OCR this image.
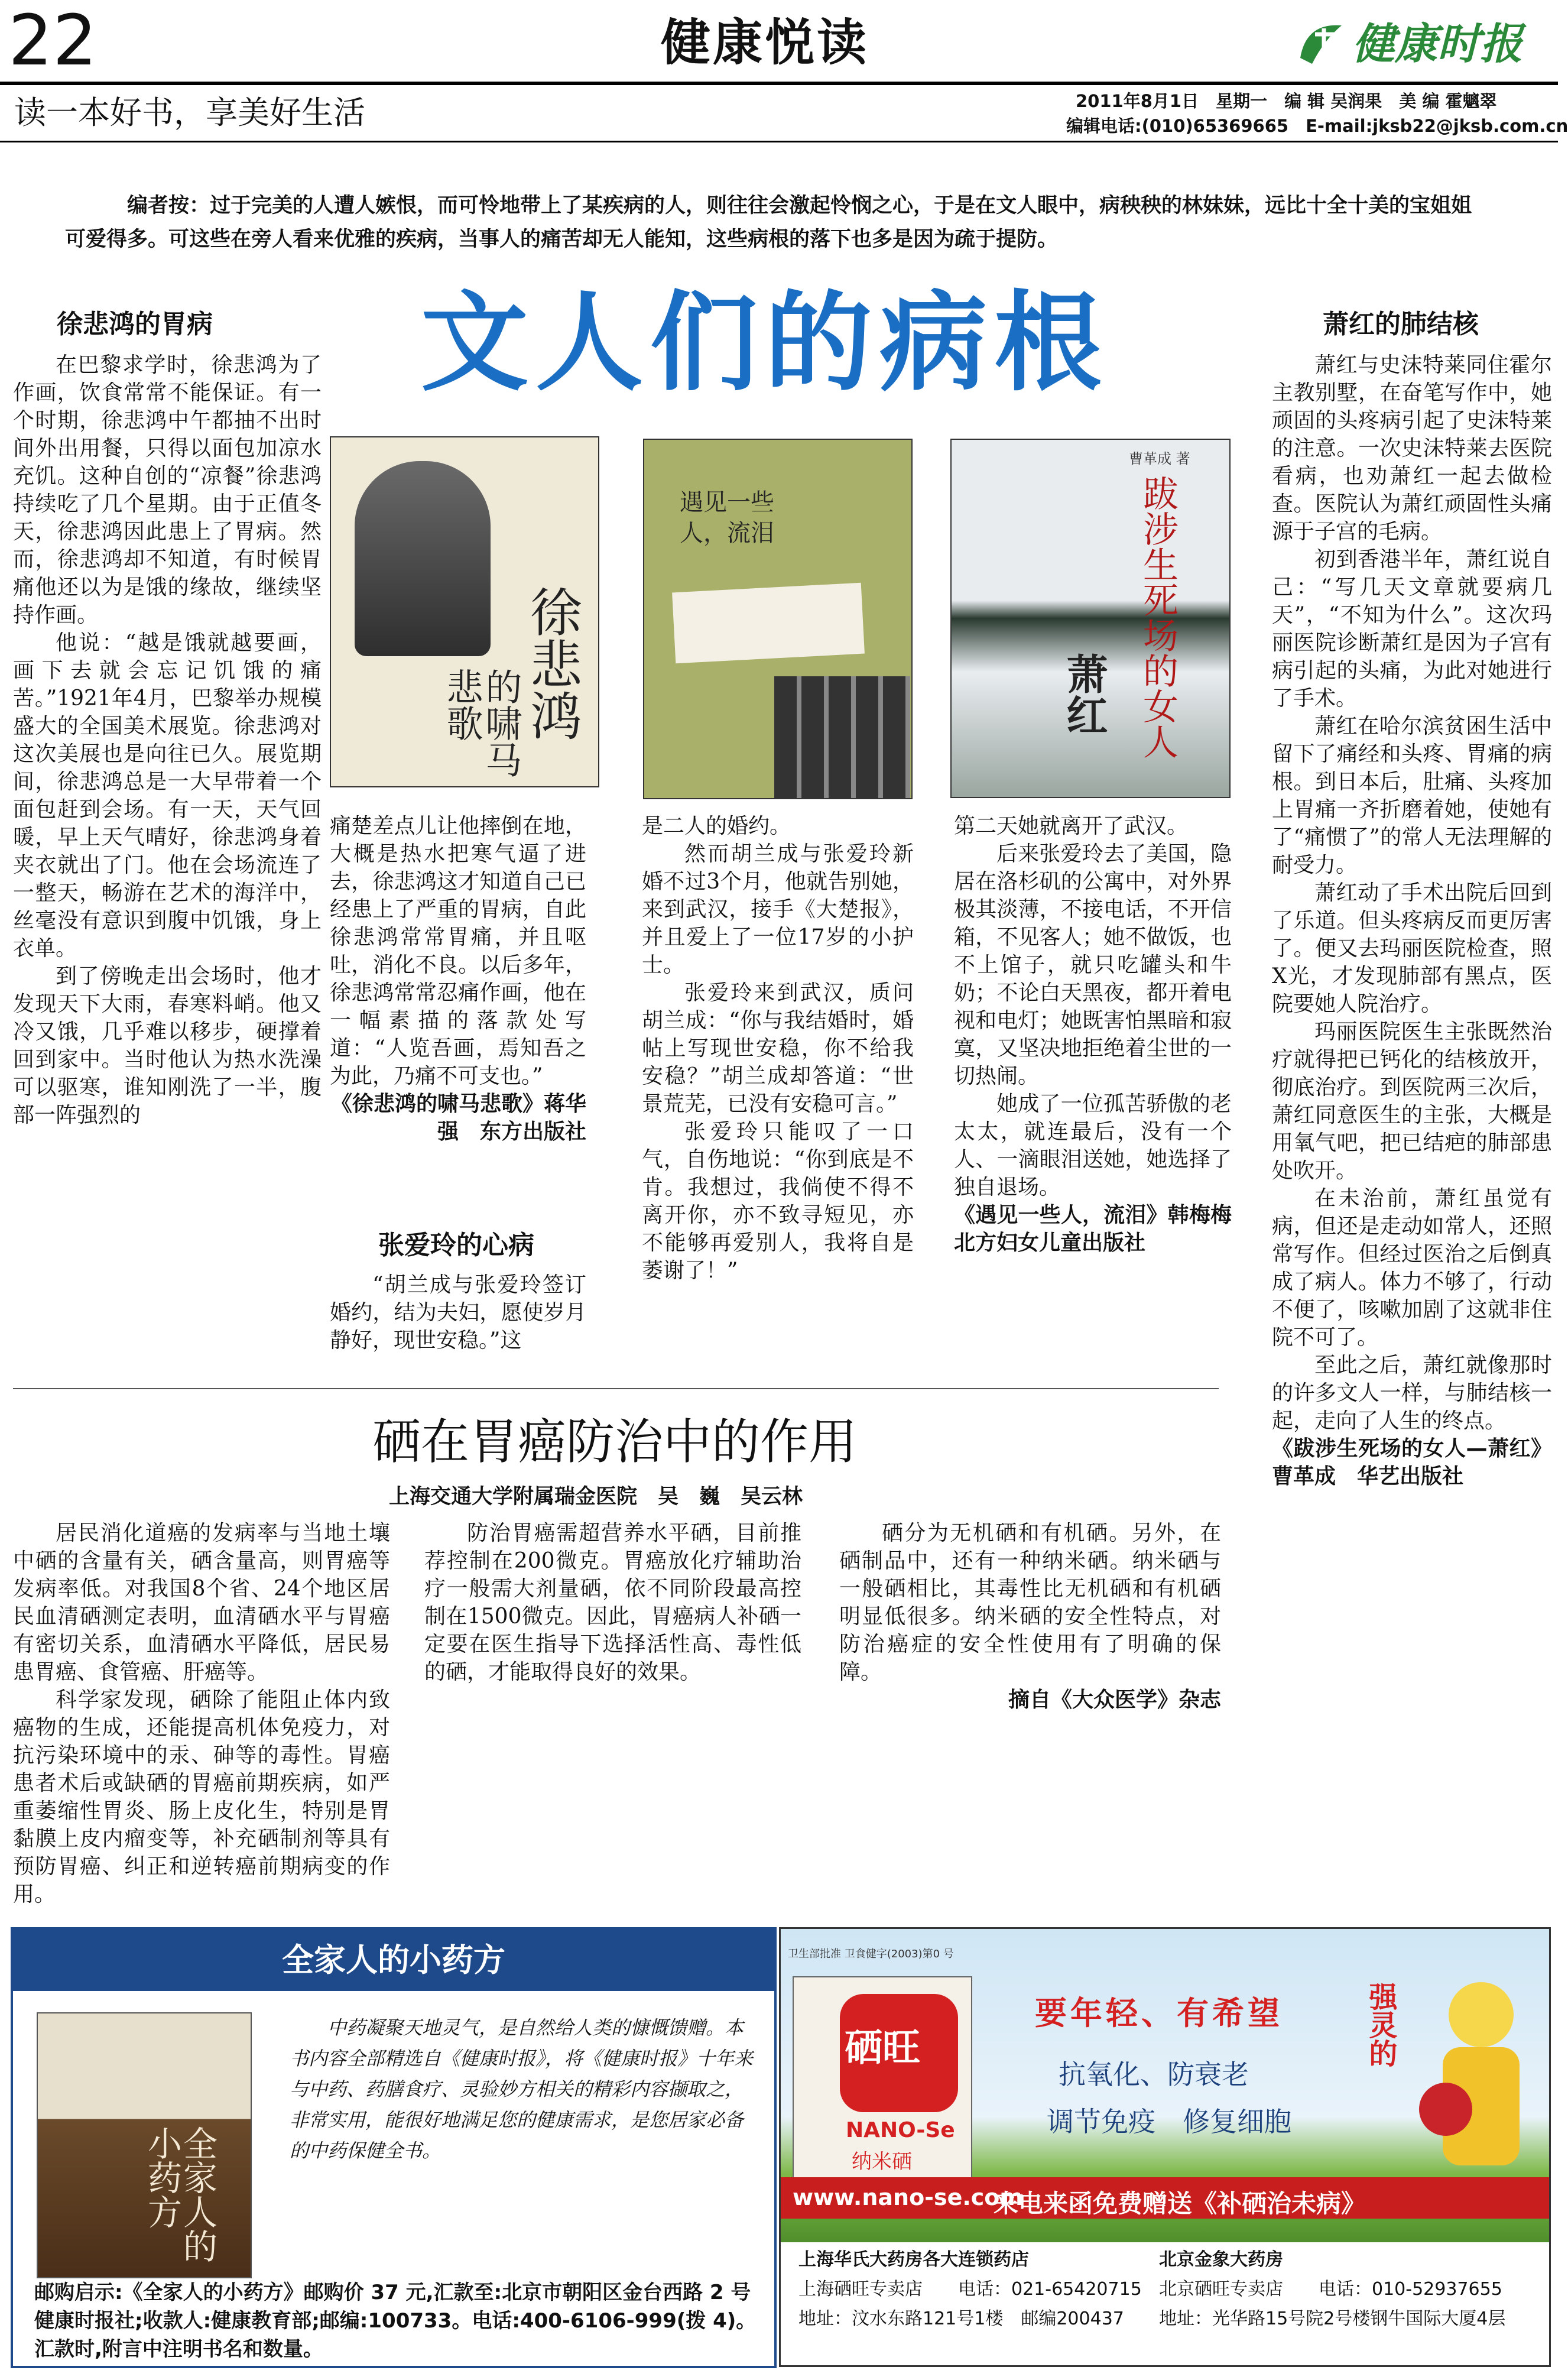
22	健康悦读	健康时报
读一本好书，享美好生活	2011年8月1日　星期一　编 辑 吴润果　美 编 霍魑翠
编辑电话:(010)65369665　E-mail:jksb22@jksb.com.cn
编者按：过于完美的人遭人嫉恨，而可怜地带上了某疾病的人，则往往会激起怜悯之心，于是在文人眼中，病秧秧的林妹妹，远比十全十美的宝姐姐可爱得多。可这些在旁人看来优雅的疾病，当事人的痛苦却无人能知，这些病根的落下也多是因为疏于提防。
文人们的病根
徐悲鸿的胃病

在巴黎求学时，徐悲鸿为了作画，饮食常常不能保证。有一个时期，徐悲鸿中午都抽不出时间外出用餐，只得以面包加凉水充饥。这种自创的“凉餐”徐悲鸿持续吃了几个星期。由于正值冬天，徐悲鸿因此患上了胃病。然而，徐悲鸿却不知道，有时候胃痛他还以为是饿的缘故，继续坚持作画。

他说：“越是饿就越要画，画下去就会忘记饥饿的痛苦。”1921年4月，巴黎举办规模盛大的全国美术展览。徐悲鸿对这次美展也是向往已久。展览期间，徐悲鸿总是一大早带着一个面包赶到会场。有一天，天气回暖，早上天气晴好，徐悲鸿身着夹衣就出了门。他在会场流连了一整天，畅游在艺术的海洋中，丝毫没有意识到腹中饥饿，身上衣单。

到了傍晚走出会场时，他才发现天下大雨，春寒料峭。他又冷又饿，几乎难以移步，硬撑着回到家中。当时他认为热水洗澡可以驱寒，谁知刚洗了一半，腹部一阵强烈的

徐悲鸿
的啸马悲歌
遇见一些人，流泪
曹革成 著
跋涉生死场的女人
萧红

痛楚差点儿让他摔倒在地，大概是热水把寒气逼了进去，徐悲鸿这才知道自己已经患上了严重的胃病，自此徐悲鸿常常胃痛，并且呕吐，消化不良。以后多年，徐悲鸿常常忍痛作画，他在一幅素描的落款处写道：“人览吾画，焉知吾之为此，乃痛不可支也。”

《徐悲鸿的啸马悲歌》蒋华强　东方出版社

张爱玲的心病

“胡兰成与张爱玲签订婚约，结为夫妇，愿使岁月静好，现世安稳。”这

是二人的婚约。

然而胡兰成与张爱玲新婚不过3个月，他就告别她，来到武汉，接手《大楚报》，并且爱上了一位17岁的小护士。

张爱玲来到武汉，质问胡兰成：“你与我结婚时，婚帖上写现世安稳，你不给我安稳？”胡兰成却答道：“世景荒芜，已没有安稳可言。”

张爱玲只能叹了一口气，自伤地说：“你到底是不肯。我想过，我倘使不得不离开你，亦不致寻短见，亦不能够再爱别人，我将自是萎谢了！”

第二天她就离开了武汉。

后来张爱玲去了美国，隐居在洛杉矶的公寓中，对外界极其淡薄，不接电话，不开信箱，不见客人；她不做饭，也不上馆子，就只吃罐头和牛奶；不论白天黑夜，都开着电视和电灯；她既害怕黑暗和寂寞，又坚决地拒绝着尘世的一切热闹。

她成了一位孤苦骄傲的老太太，就连最后，没有一个人、一滴眼泪送她，她选择了独自退场。

《遇见一些人，流泪》韩梅梅　北方妇女儿童出版社

萧红的肺结核

萧红与史沫特莱同住霍尔主教别墅，在奋笔写作中，她顽固的头疼病引起了史沫特莱的注意。一次史沫特莱去医院看病，也劝萧红一起去做检查。医院认为萧红顽固性头痛源于子宫的毛病。

初到香港半年，萧红说自己：“写几天文章就要病几天”，“不知为什么”。这次玛丽医院诊断萧红是因为子宫有病引起的头痛，为此对她进行了手术。

萧红在哈尔滨贫困生活中留下了痛经和头疼、胃痛的病根。到日本后，肚痛、头疼加上胃痛一齐折磨着她，使她有了“痛惯了”的常人无法理解的耐受力。

萧红动了手术出院后回到了乐道。但头疼病反而更厉害了。便又去玛丽医院检查，照X光，才发现肺部有黑点，医院要她人院治疗。

玛丽医院医生主张既然治疗就得把已钙化的结核放开，彻底治疗。到医院两三次后，萧红同意医生的主张，大概是用氧气吧，把已结疤的肺部患处吹开。

在未治前，萧红虽觉有病，但还是走动如常人，还照常写作。但经过医治之后倒真成了病人。体力不够了，行动不便了，咳嗽加剧了这就非住院不可了。

至此之后，萧红就像那时的许多文人一样，与肺结核一起，走向了人生的终点。

《跋涉生死场的女人—萧红》曹革成　华艺出版社

硒在胃癌防治中的作用
上海交通大学附属瑞金医院　吴　巍　吴云林

居民消化道癌的发病率与当地土壤中硒的含量有关，硒含量高，则胃癌等发病率低。对我国8个省、24个地区居民血清硒测定表明，血清硒水平与胃癌有密切关系，血清硒水平降低，居民易患胃癌、食管癌、肝癌等。

科学家发现，硒除了能阻止体内致癌物的生成，还能提高机体免疫力，对抗污染环境中的汞、砷等的毒性。胃癌患者术后或缺硒的胃癌前期疾病，如严重萎缩性胃炎、肠上皮化生，特别是胃黏膜上皮内瘤变等，补充硒制剂等具有预防胃癌、纠正和逆转癌前期病变的作用。

防治胃癌需超营养水平硒，目前推荐控制在200微克。胃癌放化疗辅助治疗一般需大剂量硒，依不同阶段最高控制在1500微克。因此，胃癌病人补硒一定要在医生指导下选择活性高、毒性低的硒，才能取得良好的效果。

硒分为无机硒和有机硒。另外，在硒制品中，还有一种纳米硒。纳米硒与一般硒相比，其毒性比无机硒和有机硒明显低很多。纳米硒的安全性特点，对防治癌症的安全性使用有了明确的保障。

摘自《大众医学》杂志

全家人的小药方
全家人的小药方
中药凝聚天地灵气，是自然给人类的慷慨馈赠。本书内容全部精选自《健康时报》，将《健康时报》十年来与中药、药膳食疗、灵验妙方相关的精彩内容撷取之，非常实用，能很好地满足您的健康需求，是您居家必备的中药保健全书。
邮购启示:《全家人的小药方》邮购价 37 元,汇款至:北京市朝阳区金台西路 2 号健康时报社;收款人:健康教育部;邮编:100733。电话:400-6106-999(拨 4)。汇款时,附言中注明书名和数量。
卫生部批准 卫食健字(2003)第0 号
硒旺
NANO-Se
纳米硒
要年轻、有希望
抗氧化、防衰老
调节免疫　修复细胞
强灵的
www.nano-se.com
来电来函免费赠送《补硒治未病》
上海华氏大药房各大连锁药店
上海硒旺专卖店　　电话：021-65420715
地址：汶水东路121号1楼　邮编200437
北京金象大药房
北京硒旺专卖店　　电话：010-52937655
地址：光华路15号院2号楼钢牛国际大厦4层
